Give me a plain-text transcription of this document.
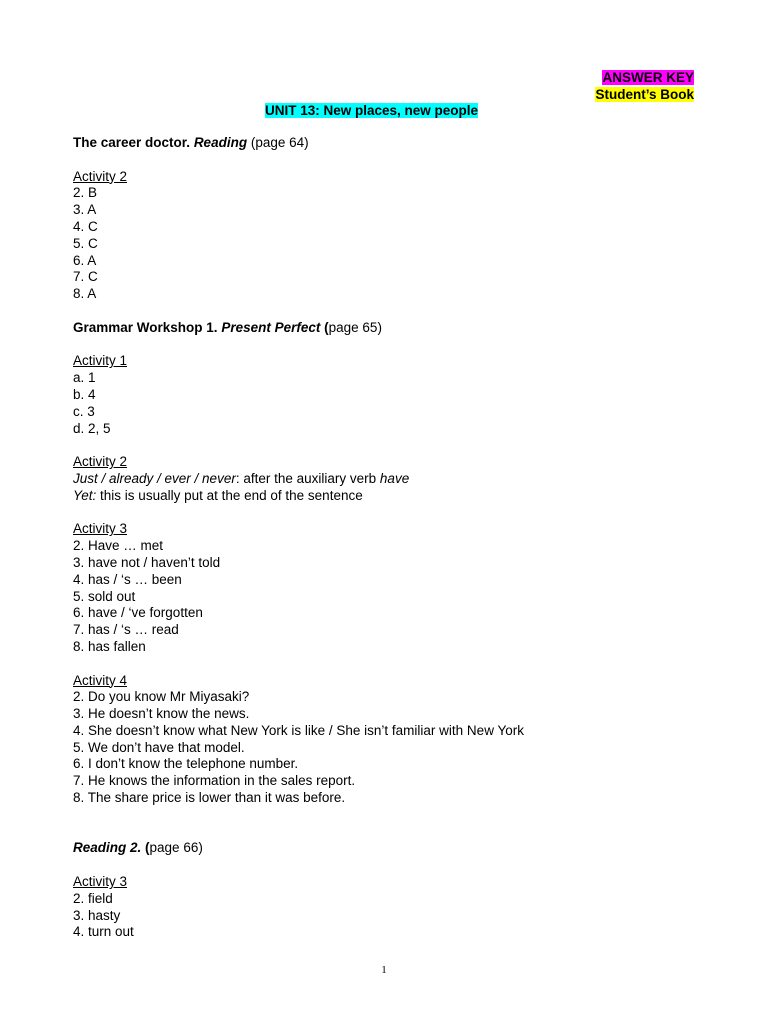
ANSWER KEY
Student’s Book
UNIT 13: New places, new people
The career doctor. Reading (page 64)
Activity 2
2. B
3. A
4. C
5. C
6. A
7. C
8. A
Grammar Workshop 1. Present Perfect (page 65)
Activity 1
a. 1
b. 4
c. 3
d. 2, 5
Activity 2
Just / already / ever / never: after the auxiliary verb have
Yet: this is usually put at the end of the sentence
Activity 3
2. Have … met
3. have not / haven’t told
4. has / ‘s … been
5. sold out
6. have / ‘ve forgotten
7. has / ‘s … read
8. has fallen
Activity 4
2. Do you know Mr Miyasaki?
3. He doesn’t know the news.
4. She doesn’t know what New York is like / She isn’t familiar with New York
5. We don’t have that model.
6. I don’t know the telephone number.
7. He knows the information in the sales report.
8. The share price is lower than it was before.
Reading 2. (page 66)
Activity 3
2. field
3. hasty
4. turn out
1
